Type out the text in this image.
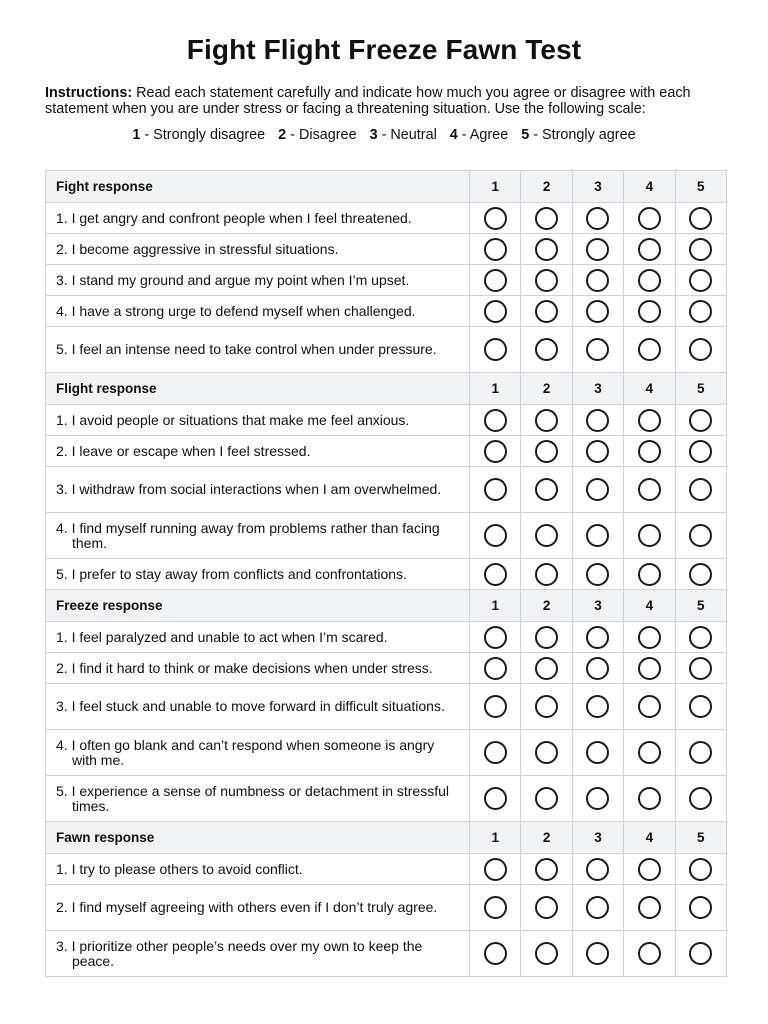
Fight Flight Freeze Fawn Test
Instructions: Read each statement carefully and indicate how much you agree or disagree with each statement when you are under stress or facing a threatening situation. Use the following scale:
1 - Strongly disagree 2 - Disagree 3 - Neutral 4 - Agree 5 - Strongly agree
Fight response	1	2	3	4	5

1. I get angry and confront people when I feel threatened.					

2. I become aggressive in stressful situations.					

3. I stand my ground and argue my point when I’m upset.					

4. I have a strong urge to defend myself when challenged.					

5. I feel an intense need to take control when under pressure.					

Flight response	1	2	3	4	5

1. I avoid people or situations that make me feel anxious.					

2. I leave or escape when I feel stressed.					

3. I withdraw from social interactions when I am overwhelmed.					

4. I find myself running away from problems rather than facing them.					

5. I prefer to stay away from conflicts and confrontations.					

Freeze response	1	2	3	4	5

1. I feel paralyzed and unable to act when I’m scared.					

2. I find it hard to think or make decisions when under stress.					

3. I feel stuck and unable to move forward in difficult situations.					

4. I often go blank and can’t respond when someone is angry with me.					

5. I experience a sense of numbness or detachment in stressful times.					

Fawn response	1	2	3	4	5

1. I try to please others to avoid conflict.					

2. I find myself agreeing with others even if I don’t truly agree.					

3. I prioritize other people’s needs over my own to keep the peace.					
